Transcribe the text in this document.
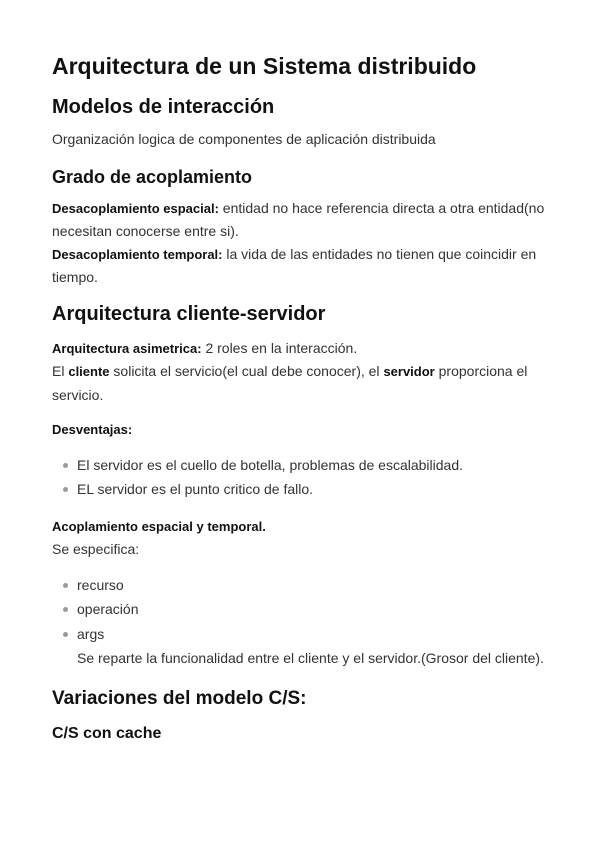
Arquitectura de un Sistema distribuido
Modelos de interacción

Organización logica de componentes de aplicación distribuida

Grado de acoplamiento

Desacoplamiento espacial: entidad no hace referencia directa a otra entidad(no necesitan conocerse entre si).
Desacoplamiento temporal: la vida de las entidades no tienen que coincidir en tiempo.

Arquitectura cliente-servidor

Arquitectura asimetrica: 2 roles en la interacción.
El cliente solicita el servicio(el cual debe conocer), el servidor proporciona el servicio.

Desventajas:

El servidor es el cuello de botella, problemas de escalabilidad.
EL servidor es el punto critico de fallo.

Acoplamiento espacial y temporal.
Se especifica:

recurso
operación
args
Se reparte la funcionalidad entre el cliente y el servidor.(Grosor del cliente).
Variaciones del modelo C/S:
C/S con cache
